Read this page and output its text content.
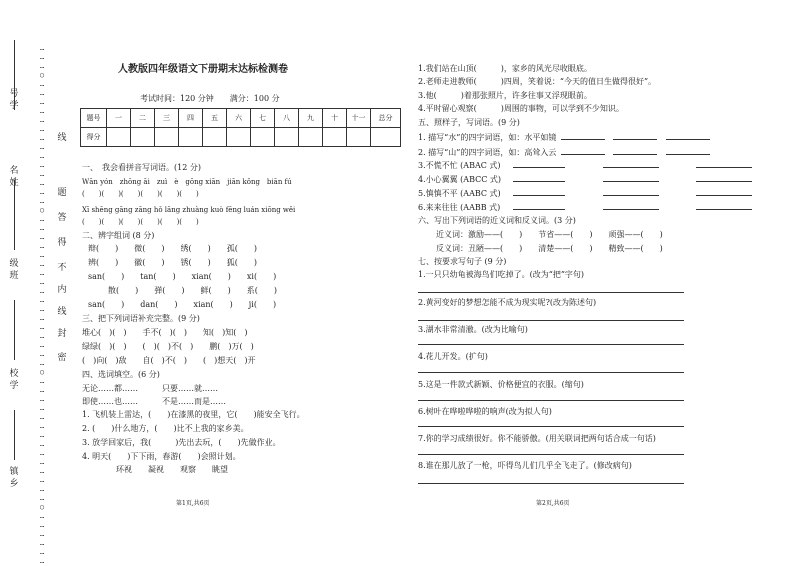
号学
名姓
级班
校学
镇乡
…
…
…
○
…
…
…
…
…
…
…
…
…
…
…
…
…
…
○
…
…
…
…
…
…
…
…
…
…
…
…
…
…
…
…
…
○
…
…
…
…
…
…
…
…
…
…
…
…
…
…
○
…
…
…
…
…
…
线
题
答
得
不
内
线
封
密
人教版四年级语文下册期末达标检测卷
考试时间：120 分钟　　满分：100 分
题号	一	二	三	四	五	六	七	八	九	十	十一	总分
得分												
一、　我会看拼音写词语。(12 分)
Wān yón　zhōng āi　zuì　è　gōng xiān　jiān kǒng　biān fú
(　　)(　　)(　　)(　　)(　　)(　　)
Xī shēng gāng zāng hǒ lāng zhuàng kuò fēng luán xiōng wěi
(　　)(　　)(　　)(　　)(　　)(　　)
二、辨字组词 (8 分)
辩(　　)　　微(　　)　　绣(　　)　　孤(　　)
辨(　　)　　徽(　　)　　锈(　　)　　狐(　　)
san(　　)　　tan(　　)　　xian(　　)　　xi(　　)
散(　　)　　弹(　　)　　鲜(　　)　　系(　　)
san(　　)　　dan(　　)　　xian(　　)　　ji(　　)
三、把下列词语补充完整。(9 分)
堆心(　)(　)　　手不(　)(　)　　知(　)知(　)
绿绿(　)(　)　　(　)(　)不(　)　　鹏(　)万(　)
(　)向(　)敌　　自(　)不(　)　　(　)想天(　)开
四、选词填空。(6 分)
无论……都……　　　只要……就……
即使……也……　　　不是……而是……
1. 飞机装上雷达，(　　)在漆黑的夜里，它(　　)能安全飞行。
2. (　　)什么地方，(　　)比不上我的家乡美。
3. 放学回家后，我(　　　)先出去玩，(　　)先做作业。
4. 明天(　　)下下雨，春游(　　)会照计划。
环视　　凝视　　观察　　眺望
第1页,共6页
1.我们站在山顶(　　　)，家乡的风光尽收眼底。
2.老师走进教师(　　　)四周，笑着说：“今天的值日生做得很好”。
3.他(　　　)着那张照片，许多往事又浮现眼前。
4.平时留心观察(　　　)周围的事物，可以学到不少知识。
五、照样子，写词语。(9 分)
1. 描写“水”的四字词语，如：水平如镜
2. 描写“山”的四字词语，如：高耸入云
3.不慌不忙 (ABAC 式)
4.小心翼翼 (ABCC 式)
5.慎慎不平 (AABC 式)
6.来来往往 (AABB 式)
六、写出下列词语的近义词和反义词。(3 分)
近义词：激励——(　　)　　节省——(　　)　　顽强——(　　)
反义词：丑陋——(　　)　　清楚——(　　)　　精致——(　　)
七、按要求写句子 (9 分)
1.一只只幼龟被海鸟们吃掉了。(改为“把”字句)
2.黄河变好的梦想怎能不成为现实呢?(改为陈述句)
3.湖水非常清澈。(改为比喻句)
4.花儿开发。(扩句)
5.这是一件款式新颖、价格便宜的衣服。(缩句)
6.树叶在哗啦哗啦的响声(改为拟人句)
7.你的学习成绩很好。你不能骄傲。(用关联词把两句话合成一句话)
8.谁在那儿放了一枪，吓得鸟儿们几乎全飞走了。(修改病句)
第2页,共6页
